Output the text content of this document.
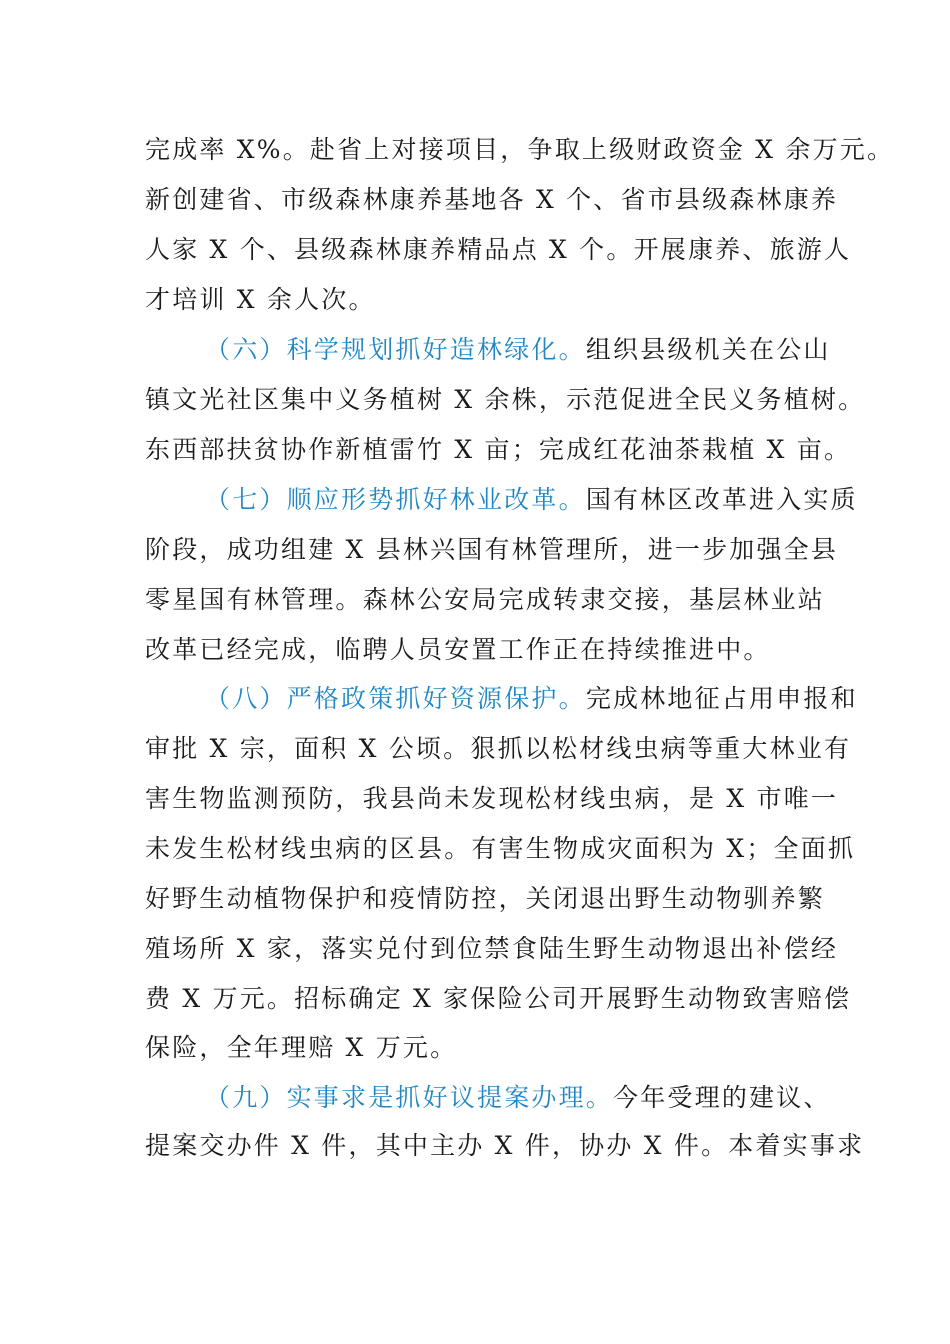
完成率 X%。赴省上对接项目，争取上级财政资金 X 余万元。
新创建省、市级森林康养基地各 X 个、省市县级森林康养
人家 X 个、县级森林康养精品点 X 个。开展康养、旅游人
才培训 X 余人次。
（六）科学规划抓好造林绿化。组织县级机关在公山
镇文光社区集中义务植树 X 余株，示范促进全民义务植树。
东西部扶贫协作新植雷竹 X 亩；完成红花油茶栽植 X 亩。
（七）顺应形势抓好林业改革。国有林区改革进入实质
阶段，成功组建 X 县林兴国有林管理所，进一步加强全县
零星国有林管理。森林公安局完成转隶交接，基层林业站
改革已经完成，临聘人员安置工作正在持续推进中。
（八）严格政策抓好资源保护。完成林地征占用申报和
审批 X 宗，面积 X 公顷。狠抓以松材线虫病等重大林业有
害生物监测预防，我县尚未发现松材线虫病，是 X 市唯一
未发生松材线虫病的区县。有害生物成灾面积为 X；全面抓
好野生动植物保护和疫情防控，关闭退出野生动物驯养繁
殖场所 X 家，落实兑付到位禁食陆生野生动物退出补偿经
费 X 万元。招标确定 X 家保险公司开展野生动物致害赔偿
保险，全年理赔 X 万元。
（九）实事求是抓好议提案办理。今年受理的建议、
提案交办件 X 件，其中主办 X 件，协办 X 件。本着实事求
